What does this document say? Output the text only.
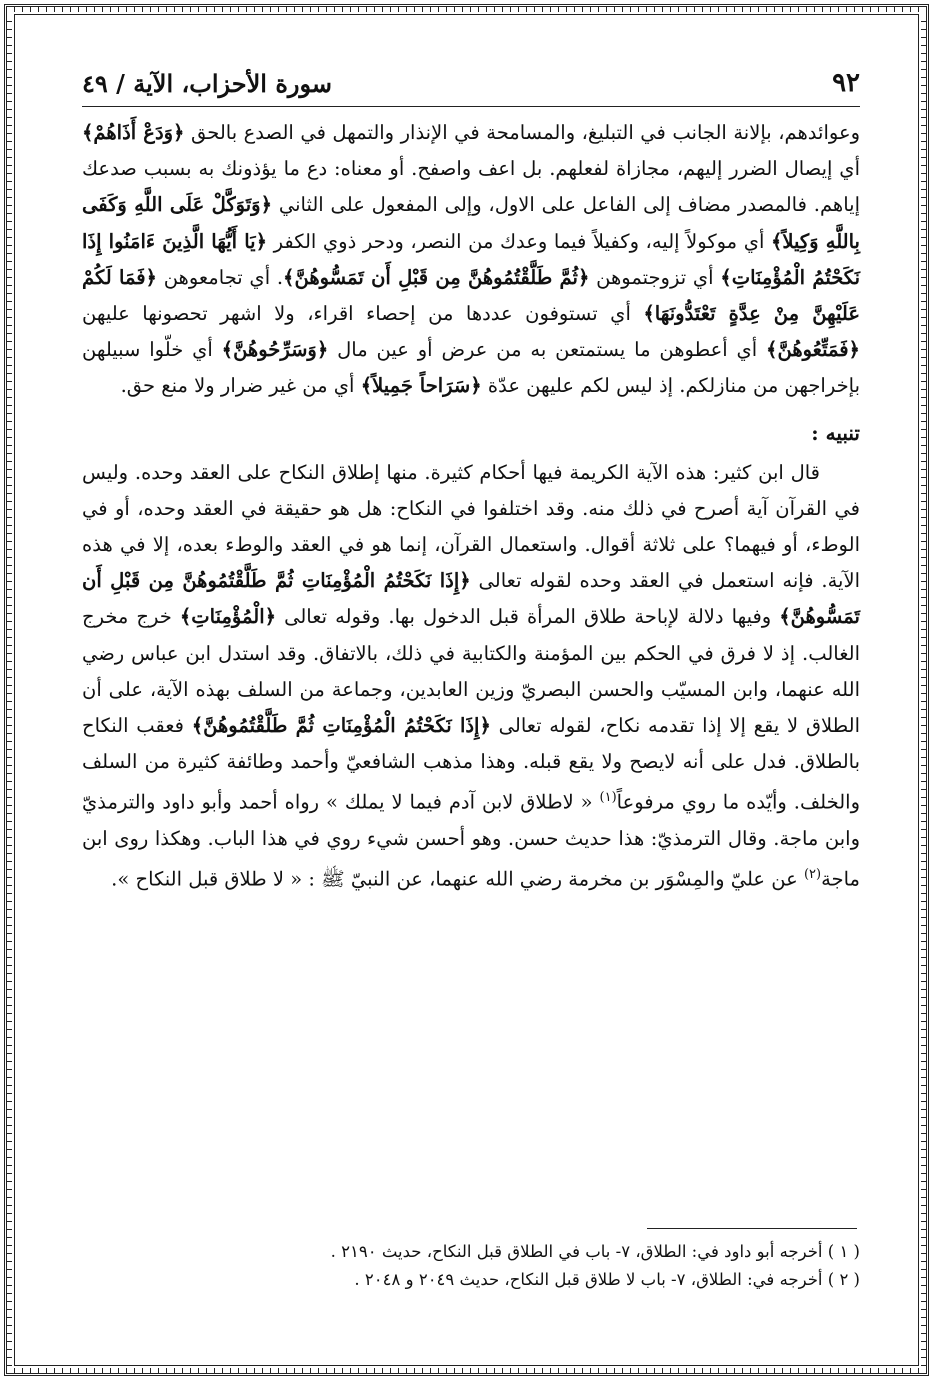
٩٢
سورة الأحزاب، الآية / ٤٩

وعوائدهم، بإلانة الجانب في التبليغ، والمسامحة في الإنذار والتمهل في الصدع بالحق ﴿وَدَعْ أَذَاهُمْ﴾ أي إيصال الضرر إليهم، مجازاة لفعلهم. بل اعف واصفح. أو معناه: دع ما يؤذونك به بسبب صدعك إياهم. فالمصدر مضاف إلى الفاعل على الاول، وإلى المفعول على الثاني ﴿وَتَوَكَّلْ عَلَى اللَّهِ وَكَفَى بِاللَّهِ وَكِيلاً﴾ أي موكولاً إليه، وكفيلاً فيما وعدك من النصر، ودحر ذوي الكفر ﴿يَا أَيُّهَا الَّذِينَ ءَامَنُوا إِذَا نَكَحْتُمُ الْمُؤْمِنَاتِ﴾ أي تزوجتموهن ﴿ثُمَّ طَلَّقْتُمُوهُنَّ مِن قَبْلِ أَن تَمَسُّوهُنَّ﴾. أي تجامعوهن ﴿فَمَا لَكُمْ عَلَيْهِنَّ مِنْ عِدَّةٍ تَعْتَدُّونَهَا﴾ أي تستوفون عددها من إحصاء اقراء، ولا اشهر تحصونها عليهن ﴿فَمَتِّعُوهُنَّ﴾ أي أعطوهن ما يستمتعن به من عرض أو عين مال ﴿وَسَرِّحُوهُنَّ﴾ أي خلّوا سبيلهن بإخراجهن من منازلكم. إذ ليس لكم عليهن عدّة ﴿سَرَاحاً جَمِيلاً﴾ أي من غير ضرار ولا منع حق.

تنبيه :

قال ابن كثير: هذه الآية الكريمة فيها أحكام كثيرة. منها إطلاق النكاح على العقد وحده. وليس في القرآن آية أصرح في ذلك منه. وقد اختلفوا في النكاح: هل هو حقيقة في العقد وحده، أو في الوطء، أو فيهما؟ على ثلاثة أقوال. واستعمال القرآن، إنما هو في العقد والوطء بعده، إلا في هذه الآية. فإنه استعمل في العقد وحده لقوله تعالى ﴿إِذَا نَكَحْتُمُ الْمُؤْمِنَاتِ ثُمَّ طَلَّقْتُمُوهُنَّ مِن قَبْلِ أَن تَمَسُّوهُنَّ﴾ وفيها دلالة لإباحة طلاق المرأة قبل الدخول بها. وقوله تعالى ﴿الْمُؤْمِنَاتِ﴾ خرج مخرج الغالب. إذ لا فرق في الحكم بين المؤمنة والكتابية في ذلك، بالاتفاق. وقد استدل ابن عباس رضي الله عنهما، وابن المسيّب والحسن البصريّ وزين العابدين، وجماعة من السلف بهذه الآية، على أن الطلاق لا يقع إلا إذا تقدمه نكاح، لقوله تعالى ﴿إِذَا نَكَحْتُمُ الْمُؤْمِنَاتِ ثُمَّ طَلَّقْتُمُوهُنَّ﴾ فعقب النكاح بالطلاق. فدل على أنه لايصح ولا يقع قبله. وهذا مذهب الشافعيّ وأحمد وطائفة كثيرة من السلف والخلف. وأيّده ما روي مرفوعاً$^{(١)}$ « لاطلاق لابن آدم فيما لا يملك » رواه أحمد وأبو داود والترمذيّ وابن ماجة. وقال الترمذيّ: هذا حديث حسن. وهو أحسن شيء روي في هذا الباب. وهكذا روى ابن ماجة$^{(٢)}$ عن عليّ والمِسْوَر بن مخرمة رضي الله عنهما، عن النبيّ ﷺ : « لا طلاق قبل النكاح ».

( ١ ) أخرجه أبو داود في: الطلاق، ٧- باب في الطلاق قبل النكاح، حديث ٢١٩٠ .
( ٢ ) أخرجه في: الطلاق، ٧- باب لا طلاق قبل النكاح، حديث ٢٠٤٩ و ٢٠٤٨ .
